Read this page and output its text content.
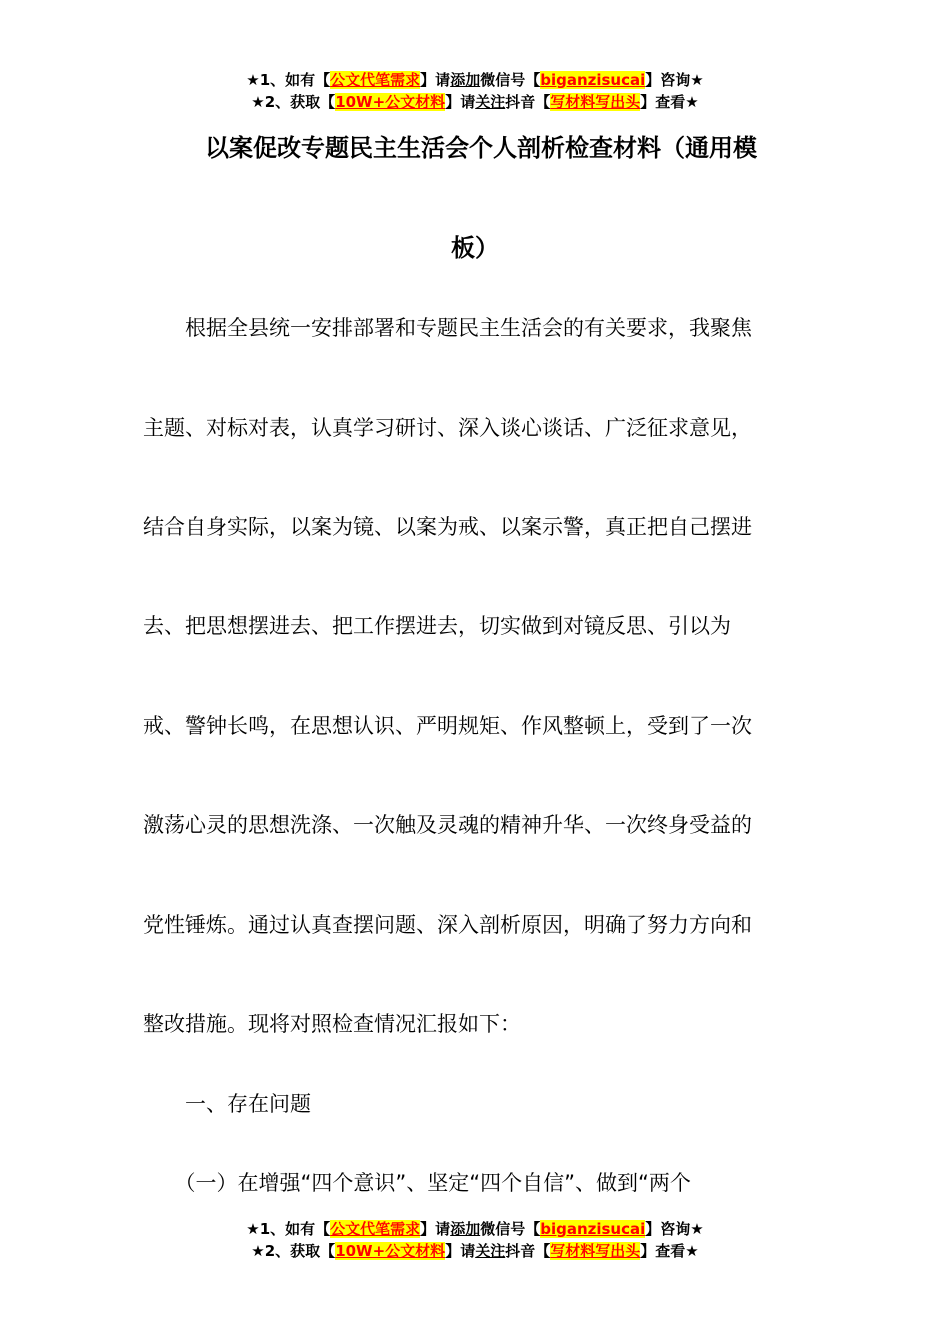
★1、如有【公文代笔需求】请添加微信号【biganzisucai】咨询★
★2、获取【10W+公文材料】请关注抖音【写材料写出头】查看★
以案促改专题民主生活会个人剖析检查材料（通用模
板）
　　根据全县统一安排部署和专题民主生活会的有关要求，我聚焦
主题、对标对表，认真学习研讨、深入谈心谈话、广泛征求意见，
结合自身实际，以案为镜、以案为戒、以案示警，真正把自己摆进
去、把思想摆进去、把工作摆进去，切实做到对镜反思、引以为
戒、警钟长鸣，在思想认识、严明规矩、作风整顿上，受到了一次
激荡心灵的思想洗涤、一次触及灵魂的精神升华、一次终身受益的
党性锤炼。通过认真查摆问题、深入剖析原因，明确了努力方向和
整改措施。现将对照检查情况汇报如下：
　　一、存在问题
　　（一）在增强“四个意识”、坚定“四个自信”、做到“两个
★1、如有【公文代笔需求】请添加微信号【biganzisucai】咨询★
★2、获取【10W+公文材料】请关注抖音【写材料写出头】查看★
